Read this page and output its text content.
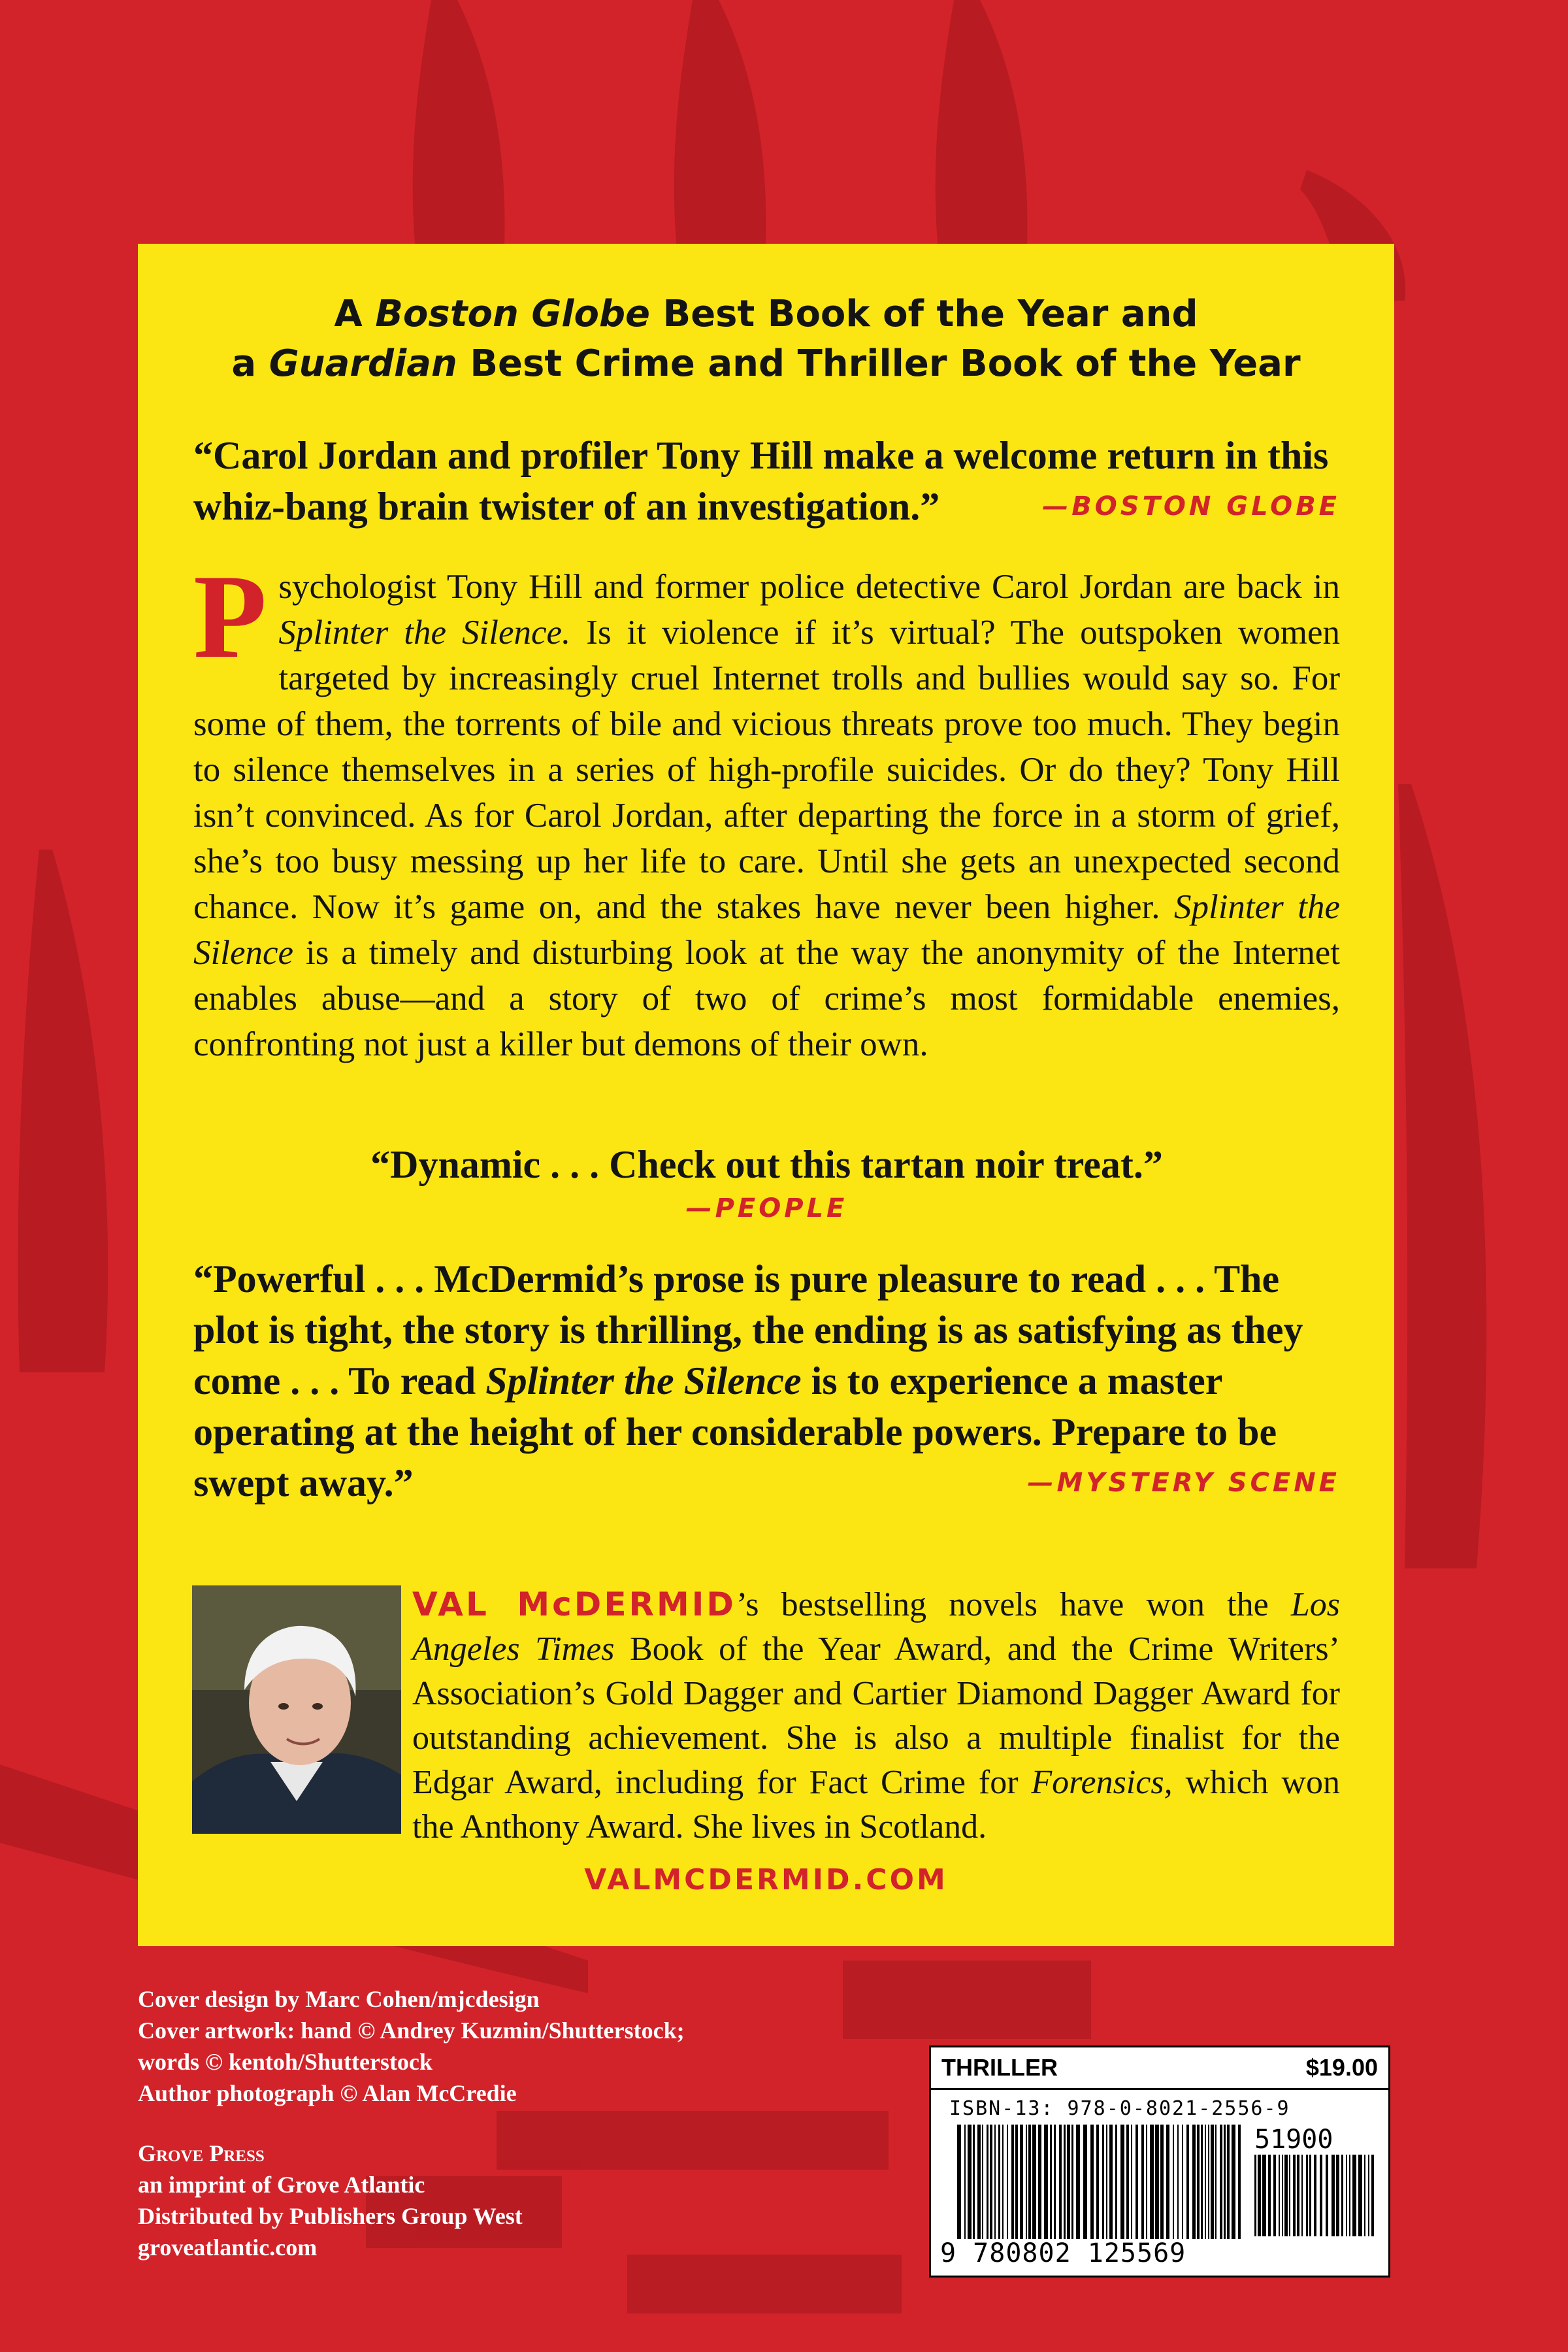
A Boston Globe Best Book of the Year and
a Guardian Best Crime and Thriller Book of the Year
“Carol Jordan and profiler Tony Hill make a welcome return in this whiz-bang brain twister of an investigation.”	—BOSTON GLOBE
Psychologist Tony Hill and former police detective Carol Jordan are back in Splinter the Silence. Is it violence if it’s virtual? The outspoken women targeted by increasingly cruel Internet trolls and bullies would say so. For some of them, the torrents of bile and vicious threats prove too much. They begin to silence themselves in a series of high-profile suicides. Or do they? Tony Hill isn’t convinced. As for Carol Jordan, after departing the force in a storm of grief, she’s too busy messing up her life to care. Until she gets an unexpected second chance. Now it’s game on, and the stakes have never been higher. Splinter the Silence is a timely and disturbing look at the way the anonymity of the Internet enables abuse—and a story of two of crime’s most formidable enemies, confronting not just a killer but demons of their own.
“Dynamic . . . Check out this tartan noir treat.”
—PEOPLE
“Powerful . . . McDermid’s prose is pure pleasure to read . . . The plot is tight, the story is thrilling, the ending is as satisfying as they come . . . To read Splinter the Silence is to experience a master operating at the height of her considerable powers. Prepare to be swept away.”	—MYSTERY SCENE
VAL McDERMID’s bestselling novels have won the Los Angeles Times Book of the Year Award, and the Crime Writers’ Association’s Gold Dagger and Cartier Diamond Dagger Award for outstanding achievement. She is also a multiple finalist for the Edgar Award, including for Fact Crime for Forensics, which won the Anthony Award. She lives in Scotland.
VALMCDERMID.COM
Cover design by Marc Cohen/mjcdesign
Cover artwork: hand © Andrey Kuzmin/Shutterstock;
words © kentoh/Shutterstock
Author photograph © Alan McCredie
Grove Press
an imprint of Grove Atlantic
Distributed by Publishers Group West
groveatlantic.com
THRILLER	$19.00
ISBN-13: 978-0-8021-2556-9
51900
9 780802 125569
